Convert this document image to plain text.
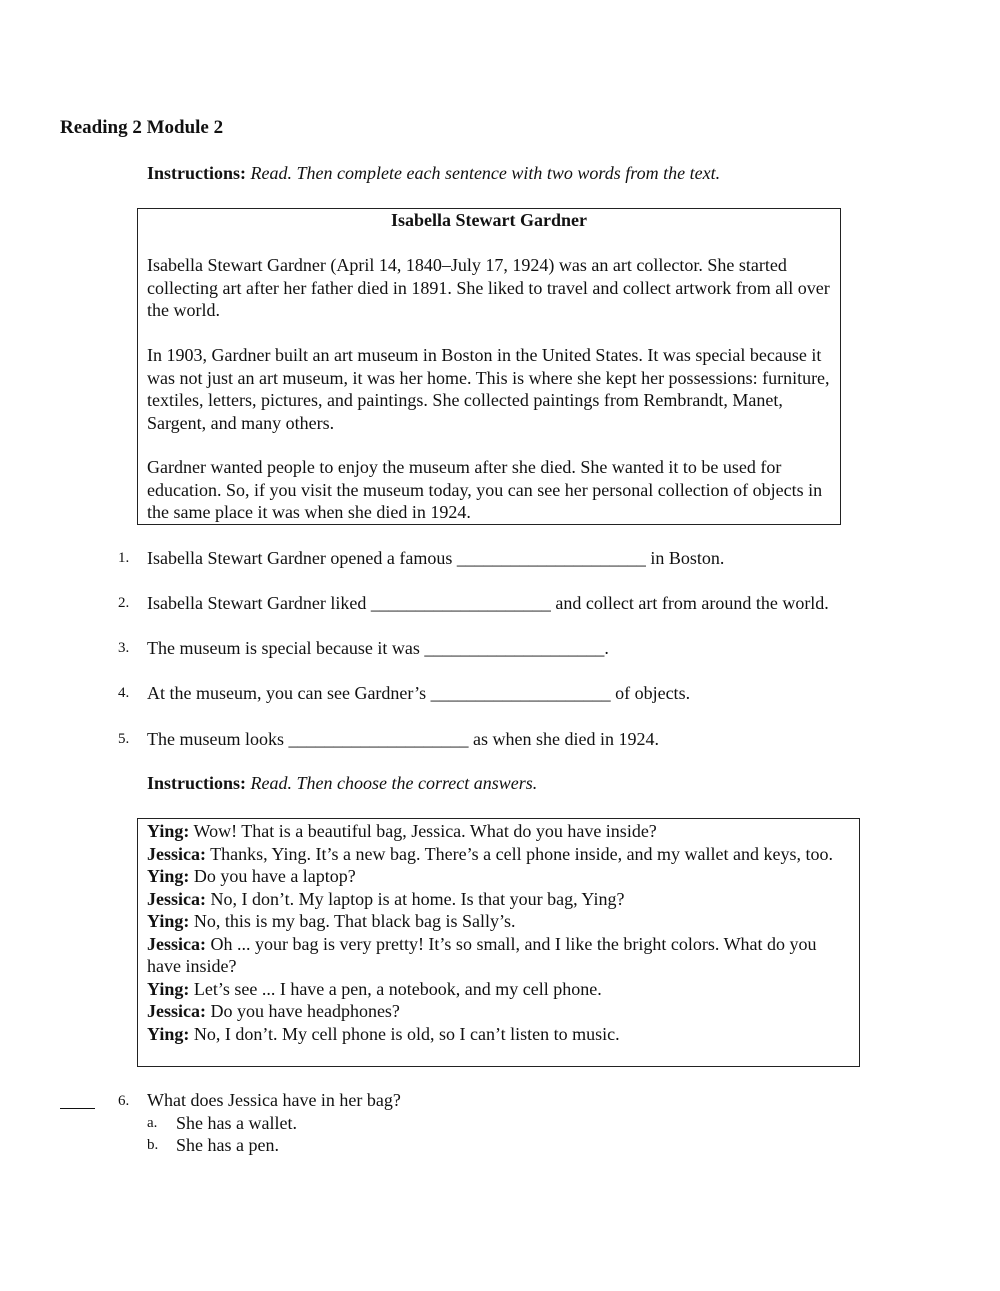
Reading 2 Module 2
Instructions: Read. Then complete each sentence with two words from the text.
Isabella Stewart Gardner
Isabella Stewart Gardner (April 14, 1840–July 17, 1924) was an art collector. She started collecting art after her father died in 1891. She liked to travel and collect artwork from all over the world.
In 1903, Gardner built an art museum in Boston in the United States. It was special because it was not just an art museum, it was her home. This is where she kept her possessions: furniture, textiles, letters, pictures, and paintings. She collected paintings from Rembrandt, Manet, Sargent, and many others.
Gardner wanted people to enjoy the museum after she died. She wanted it to be used for education. So, if you visit the museum today, you can see her personal collection of objects in the same place it was when she died in 1924.
1. Isabella Stewart Gardner opened a famous _____________________ in Boston.
2. Isabella Stewart Gardner liked ____________________ and collect art from around the world.
3. The museum is special because it was ____________________.
4. At the museum, you can see Gardner’s ____________________ of objects.
5. The museum looks ____________________ as when she died in 1924.
Instructions: Read. Then choose the correct answers.
Ying: Wow! That is a beautiful bag, Jessica. What do you have inside?
Jessica: Thanks, Ying. It’s a new bag. There’s a cell phone inside, and my wallet and keys, too.
Ying: Do you have a laptop?
Jessica: No, I don’t. My laptop is at home. Is that your bag, Ying?
Ying: No, this is my bag. That black bag is Sally’s.
Jessica: Oh ... your bag is very pretty! It’s so small, and I like the bright colors. What do you have inside?
Ying: Let’s see ... I have a pen, a notebook, and my cell phone.
Jessica: Do you have headphones?
Ying: No, I don’t. My cell phone is old, so I can’t listen to music.
6. What does Jessica have in her bag?
a. She has a wallet.
b. She has a pen.
